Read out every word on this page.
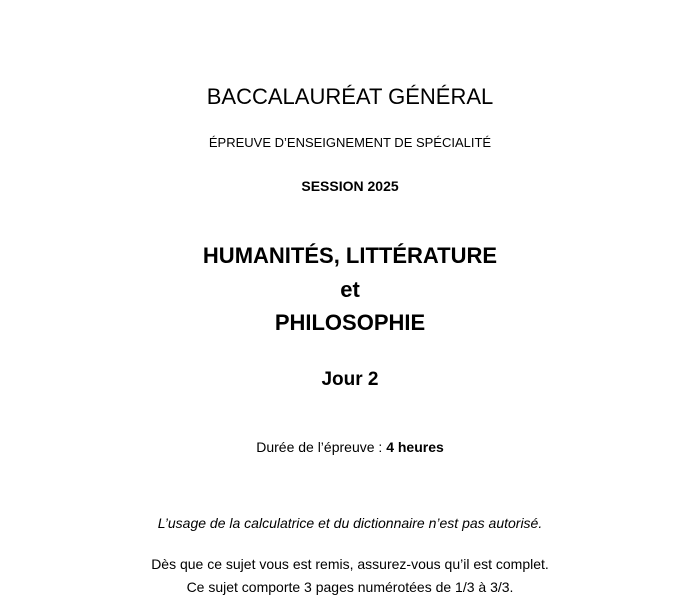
BACCALAURÉAT GÉNÉRAL
ÉPREUVE D’ENSEIGNEMENT DE SPÉCIALITÉ
SESSION 2025
HUMANITÉS, LITTÉRATURE
et
PHILOSOPHIE
Jour 2
Durée de l’épreuve : 4 heures
L’usage de la calculatrice et du dictionnaire n’est pas autorisé.
Dès que ce sujet vous est remis, assurez-vous qu’il est complet.
Ce sujet comporte 3 pages numérotées de 1/3 à 3/3.
